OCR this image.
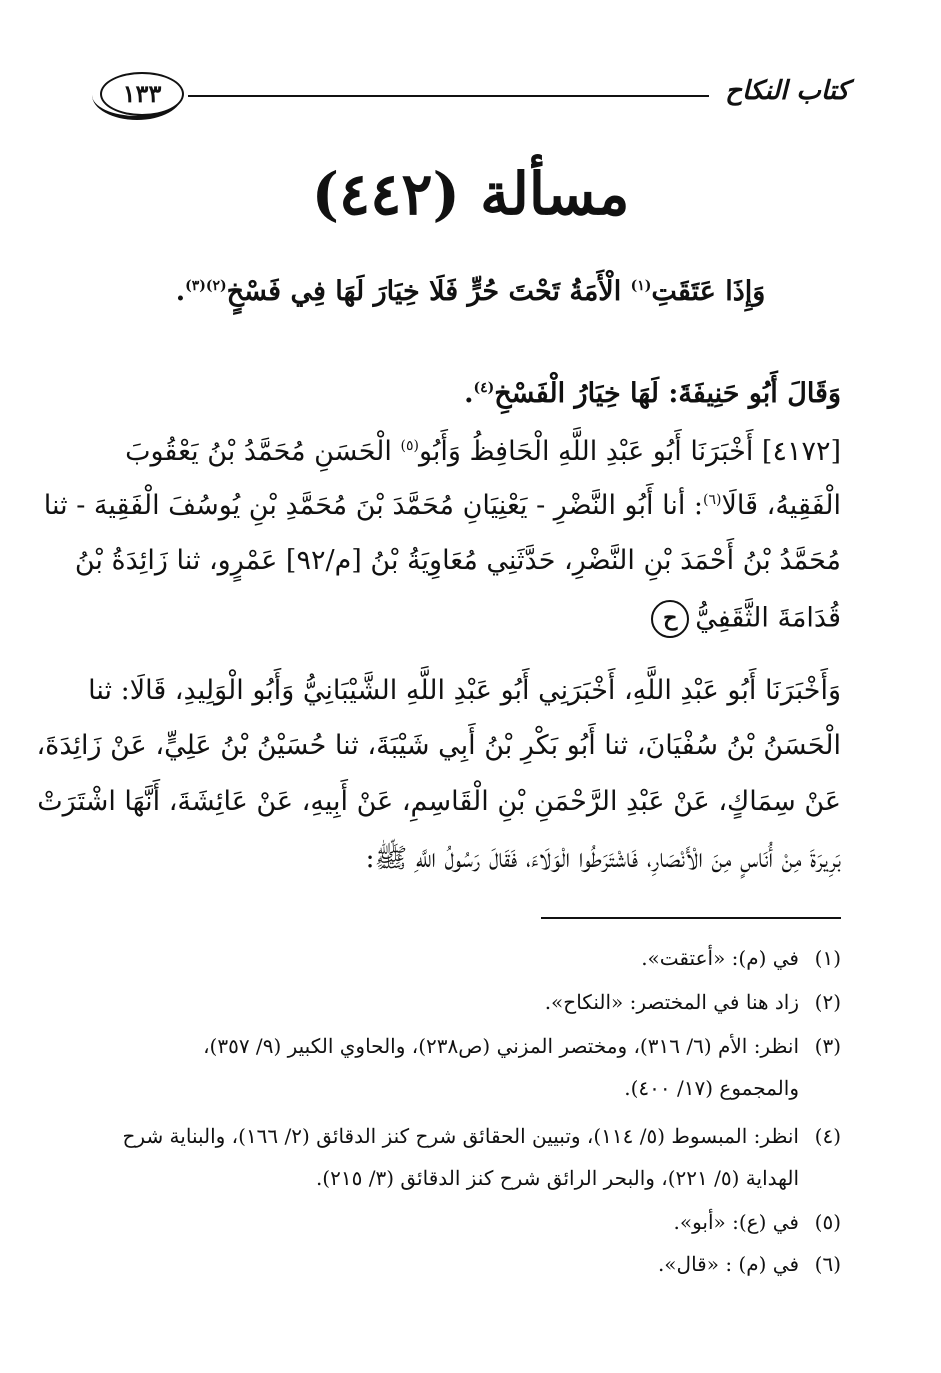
كتاب النكاح
١٣٣
مسألة (٤٤٢)
وَإِذَا عَتَقَتِ$^{(١)}$ الْأَمَةُ تَحْتَ حُرٍّ فَلَا خِيَارَ لَهَا فِي فَسْخٍ$^{(٢)(٣)}$.
وَقَالَ أَبُو حَنِيفَةَ: لَهَا خِيَارُ الْفَسْخِ$^{(٤)}$.
[٤١٧٢] أَخْبَرَنَا أَبُو عَبْدِ اللَّهِ الْحَافِظُ وَأَبُو$^{(٥)}$ الْحَسَنِ مُحَمَّدُ بْنُ يَعْقُوبَ
الْفَقِيهُ، قَالَا$^{(٦)}$: أنا أَبُو النَّضْرِ - يَعْنِيَانِ مُحَمَّدَ بْنَ مُحَمَّدِ بْنِ يُوسُفَ الْفَقِيهَ - ثنا
مُحَمَّدُ بْنُ أَحْمَدَ بْنِ النَّضْرِ، حَدَّثَنِي مُعَاوِيَةُ بْنُ [م/٩٢] عَمْرٍو، ثنا زَائِدَةُ بْنُ
قُدَامَةَ الثَّقَفِيُّح
وَأَخْبَرَنَا أَبُو عَبْدِ اللَّهِ، أَخْبَرَنِي أَبُو عَبْدِ اللَّهِ الشَّيْبَانِيُّ وَأَبُو الْوَلِيدِ، قَالَا: ثنا
الْحَسَنُ بْنُ سُفْيَانَ، ثنا أَبُو بَكْرِ بْنُ أَبِي شَيْبَةَ، ثنا حُسَيْنُ بْنُ عَلِيٍّ، عَنْ زَائِدَةَ،
عَنْ سِمَاكٍ، عَنْ عَبْدِ الرَّحْمَنِ بْنِ الْقَاسِمِ، عَنْ أَبِيهِ، عَنْ عَائِشَةَ، أَنَّهَا اشْتَرَتْ
بَرِيرَةَ مِنْ أُنَاسٍ مِنَ الْأَنْصَارِ، فَاشْتَرَطُوا الْوَلَاءَ، فَقَالَ رَسُولُ اللَّهِ ﷺ:
(١)في (م): «أعتقت».
(٢)زاد هنا في المختصر: «النكاح».
(٣)انظر: الأم (٦/ ٣١٦)، ومختصر المزني (ص٢٣٨)، والحاوي الكبير (٩/ ٣٥٧)،
والمجموع (١٧/ ٤٠٠).
(٤)انظر: المبسوط (٥/ ١١٤)، وتبيين الحقائق شرح كنز الدقائق (٢/ ١٦٦)، والبناية شرح
الهداية (٥/ ٢٢١)، والبحر الرائق شرح كنز الدقائق (٣/ ٢١٥).
(٥)في (ع): «أبو».
(٦)في (م) : «قال».
